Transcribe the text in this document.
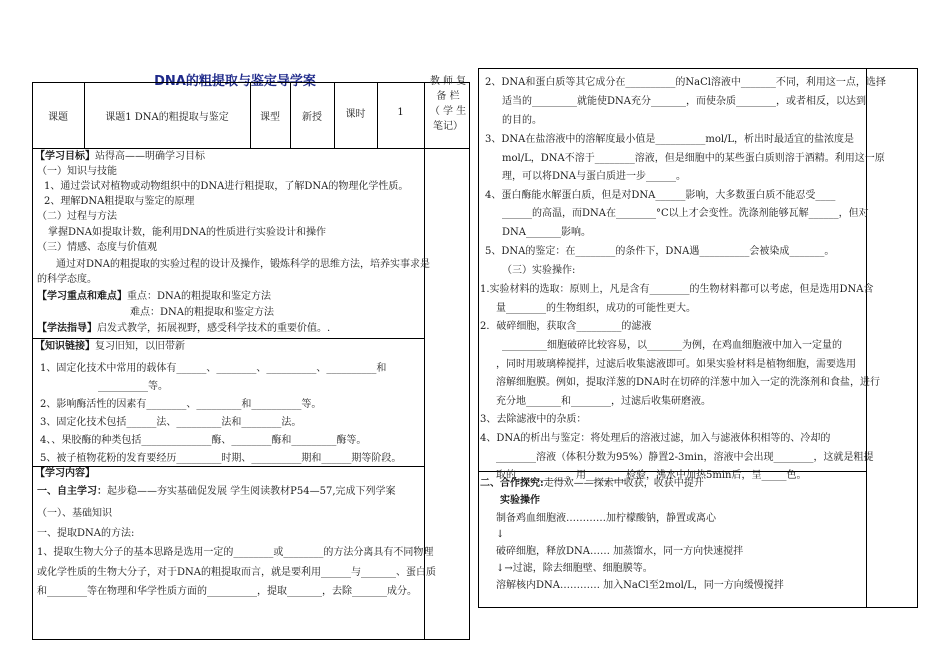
DNA的粗提取与鉴定导学案
课题	课题1 DNA的粗提取与鉴定	课型	新授	课时	1
教 师 复
备 栏
（ 学 生
笔记）
【学习目标】站得高——明确学习目标
（一）知识与技能
1、通过尝试对植物或动物组织中的DNA进行粗提取，了解DNA的物理化学性质。
2、理解DNA粗提取与鉴定的原理
（二）过程与方法
掌握DNA如提取计数，能利用DNA的性质进行实验设计和操作
（三）情感、态度与价值观
通过对DNA的粗提取的实验过程的设计及操作，锻炼科学的思维方法，培养实事求是
的科学态度。
【学习重点和难点】重点：DNA的粗提取和鉴定方法
难点：DNA的粗提取和鉴定方法
【学法指导】启发式教学，拓展视野，感受科学技术的重要价值。.
【知识链接】复习旧知，以旧带新
1、固定化技术中常用的载体有______、________、__________、__________和
__________等。
2、影响酶活性的因素有________、_________和__________等。
3、固定化技术包括______法、_________法和________法。
4、、果胶酶的种类包括______________酶、________酶和_________酶等。
5、被子植物花粉的发育要经历_________时期、__________期和______期等阶段。
【学习内容】
一、自主学习：起步稳——夯实基础促发展 学生阅读教材P54—57,完成下列学案
（一）、基础知识
一、提取DNA的方法:
1、提取生物大分子的基本思路是选用一定的________或________的方法分离具有不同物理
或化学性质的生物大分子，对于DNA的粗提取而言，就是要利用______与_______、蛋白质
和________等在物理和华学性质方面的__________，提取_______，去除_______成分。
2、DNA和蛋白质等其它成分在__________的NaCl溶液中_______不同，利用这一点，选择
适当的_________就能使DNA充分_______，而使杂质________，或者相反，以达到
的目的。
3、DNA在盐溶液中的溶解度最小值是__________mol/L，析出时最适宜的盐浓度是
mol/L，DNA不溶于________溶液，但是细胞中的某些蛋白质则溶于酒精。利用这一原
理，可以将DNA与蛋白质进一步______。
4、蛋白酶能水解蛋白质，但是对DNA______影响，大多数蛋白质不能忍受____
______的高温，而DNA在________°C以上才会变性。洗涤剂能够瓦解______，但对
DNA_______影响。
5、DNA的鉴定：在________的条件下，DNA遇__________会被染成_______。
（三）实验操作:
1.实验材料的选取：原则上，凡是含有________的生物材料都可以考虑，但是选用DNA含
量________的生物组织，成功的可能性更大。
2．破碎细胞，获取含_________的滤液
_________细胞破碎比较容易，以_______为例，在鸡血细胞液中加入一定量的
，同时用玻璃棒搅拌，过滤后收集滤液即可。如果实验材料是植物细胞，需要选用
溶解细胞膜。例如，提取洋葱的DNA时在切碎的洋葱中加入一定的洗涤剂和食盐，进行
充分地_______和________，过滤后收集研磨液。
3、去除滤液中的杂质：
4、DNA的析出与鉴定：将处理后的溶液过滤，加入与滤液体积相等的、冷却的
________溶液（体积分数为95%）静置2-3min，溶液中会出现________，这就是粗提
取的__________。用________检验，沸水中加热5min后，呈_____色。
二、合作探究:走得欢——探索中收获，收获中提升
实验操作
制备鸡血细胞液…………加柠檬酸钠，静置或离心
↓
破碎细胞，释放DNA…… 加蒸馏水，同一方向快速搅拌
↓→过滤，除去细胞壁、细胞膜等。
溶解核内DNA………… 加入NaCl至2mol/L，同一方向缓慢搅拌
